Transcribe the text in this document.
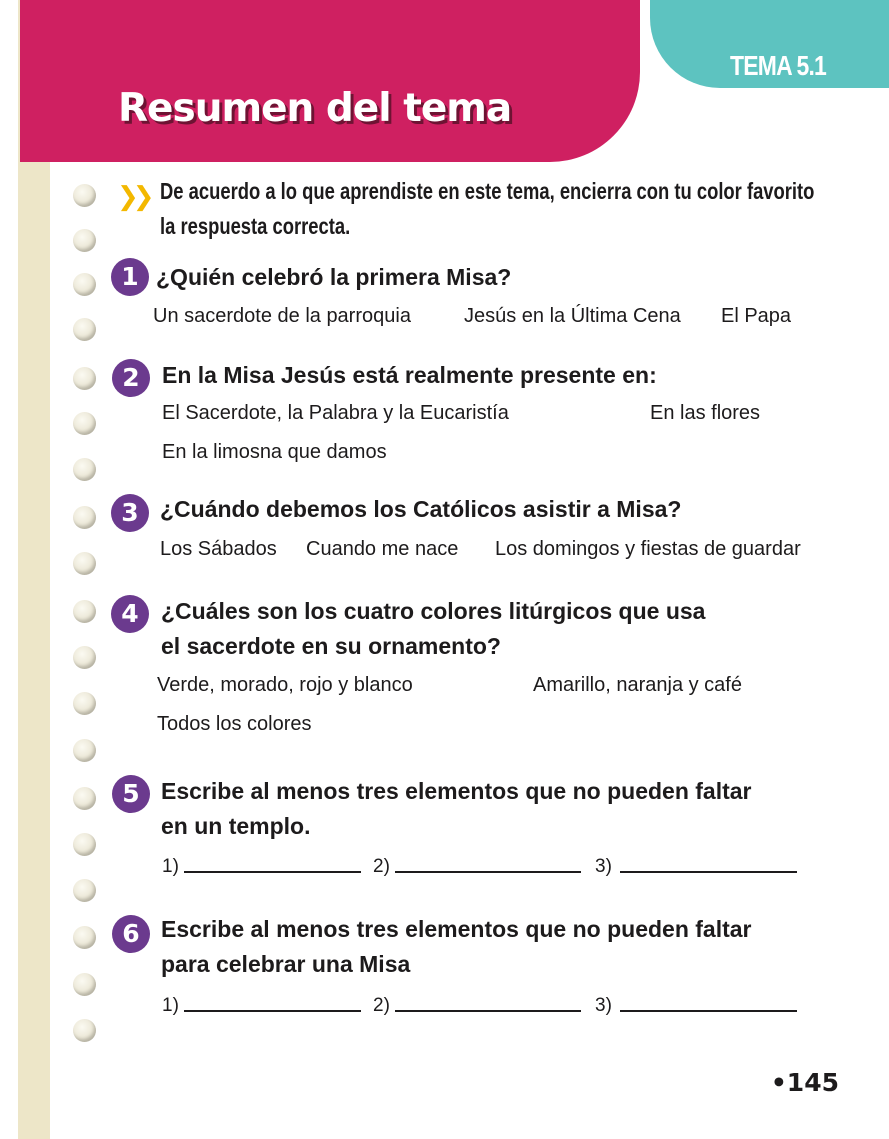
Resumen del tema
TEMA 5.1
❯❯ De acuerdo a lo que aprendiste en este tema, encierra con tu color favorito
la respuesta correcta.
1 ¿Quién celebró la primera Misa?
Un sacerdote de la parroquia	Jesús en la Última Cena El Papa
2 En la Misa Jesús está realmente presente en:
El Sacerdote, la Palabra y la Eucaristía	En las flores
En la limosna que damos
3 ¿Cuándo debemos los Católicos asistir a Misa?
Los Sábados Cuando me nace Los domingos y fiestas de guardar
4 ¿Cuáles son los cuatro colores litúrgicos que usa
el sacerdote en su ornamento?
Verde, morado, rojo y blanco	Amarillo, naranja y café
Todos los colores
5 Escribe al menos tres elementos que no pueden faltar
en un templo.
1)	2)	3)
6 Escribe al menos tres elementos que no pueden faltar
para celebrar una Misa
1)	2)	3)
•145
